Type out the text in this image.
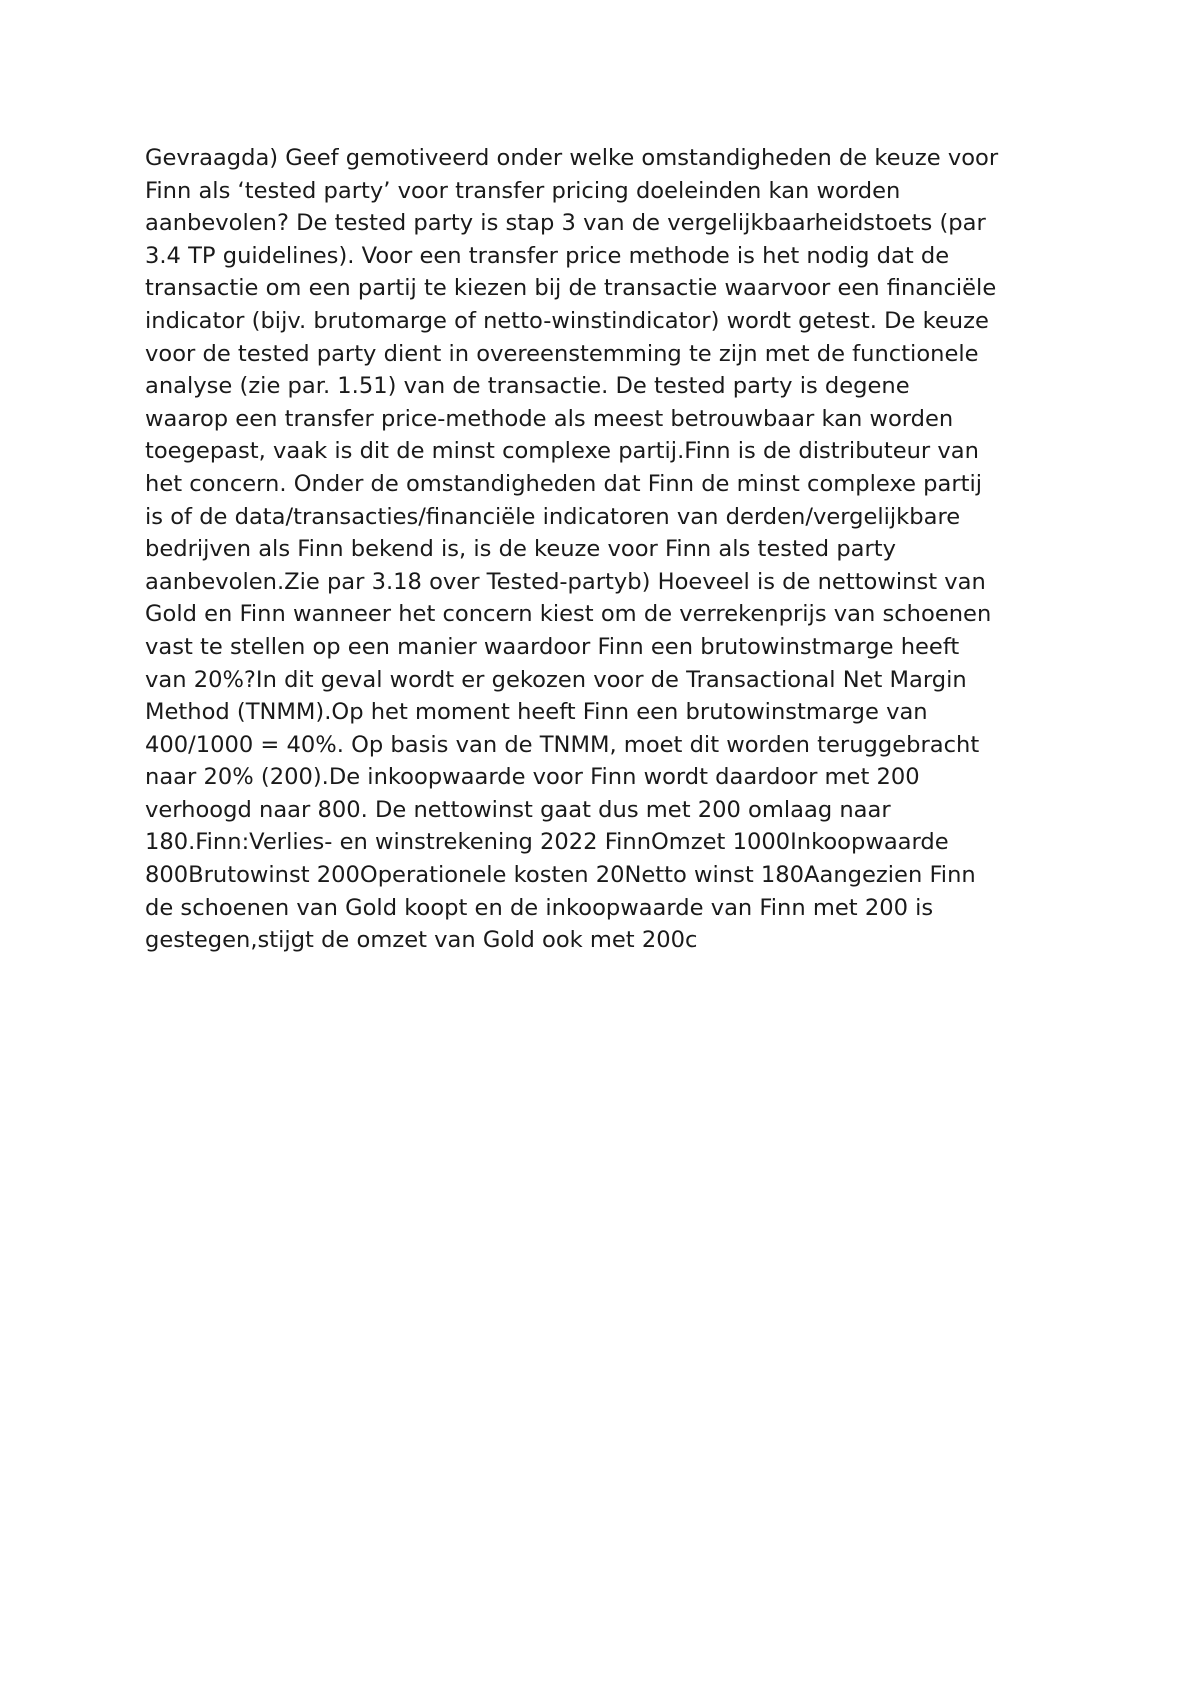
Gevraagda) Geef gemotiveerd onder welke omstandigheden de keuze voor
Finn als ‘tested party’ voor transfer pricing doeleinden kan worden
aanbevolen? De tested party is stap 3 van de vergelijkbaarheidstoets (par
3.4 TP guidelines). Voor een transfer price methode is het nodig dat de
transactie om een partij te kiezen bij de transactie waarvoor een financiële
indicator (bijv. brutomarge of netto-winstindicator) wordt getest. De keuze
voor de tested party dient in overeenstemming te zijn met de functionele
analyse (zie par. 1.51) van de transactie. De tested party is degene
waarop een transfer price-methode als meest betrouwbaar kan worden
toegepast, vaak is dit de minst complexe partij.Finn is de distributeur van
het concern. Onder de omstandigheden dat Finn de minst complexe partij
is of de data/transacties/financiële indicatoren van derden/vergelijkbare
bedrijven als Finn bekend is, is de keuze voor Finn als tested party
aanbevolen.Zie par 3.18 over Tested-partyb) Hoeveel is de nettowinst van
Gold en Finn wanneer het concern kiest om de verrekenprijs van schoenen
vast te stellen op een manier waardoor Finn een brutowinstmarge heeft
van 20%?In dit geval wordt er gekozen voor de Transactional Net Margin
Method (TNMM).Op het moment heeft Finn een brutowinstmarge van
400/1000 = 40%. Op basis van de TNMM, moet dit worden teruggebracht
naar 20% (200).De inkoopwaarde voor Finn wordt daardoor met 200
verhoogd naar 800. De nettowinst gaat dus met 200 omlaag naar
180.Finn:Verlies- en winstrekening 2022 FinnOmzet 1000Inkoopwaarde
800Brutowinst 200Operationele kosten 20Netto winst 180Aangezien Finn
de schoenen van Gold koopt en de inkoopwaarde van Finn met 200 is
gestegen,stijgt de omzet van Gold ook met 200c
